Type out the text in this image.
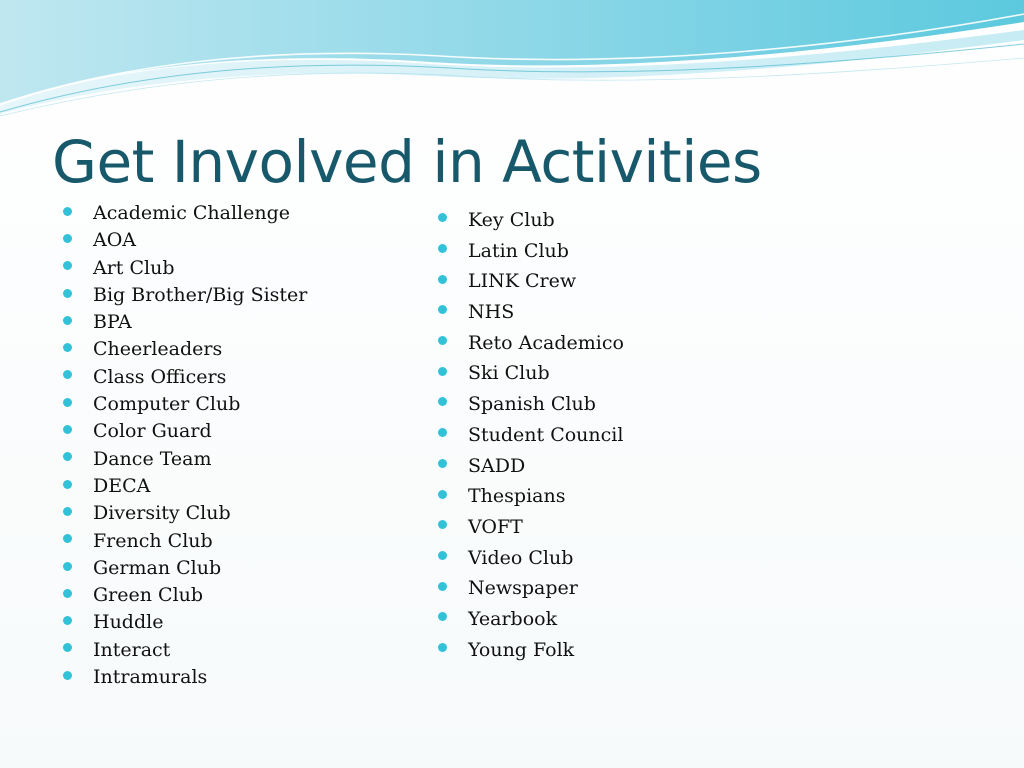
Get Involved in Activities
Academic Challenge
AOA
Art Club
Big Brother/Big Sister
BPA
Cheerleaders
Class Officers
Computer Club
Color Guard
Dance Team
DECA
Diversity Club
French Club
German Club
Green Club
Huddle
Interact
Intramurals
Key Club
Latin Club
LINK Crew
NHS
Reto Academico
Ski Club
Spanish Club
Student Council
SADD
Thespians
VOFT
Video Club
Newspaper
Yearbook
Young Folk
